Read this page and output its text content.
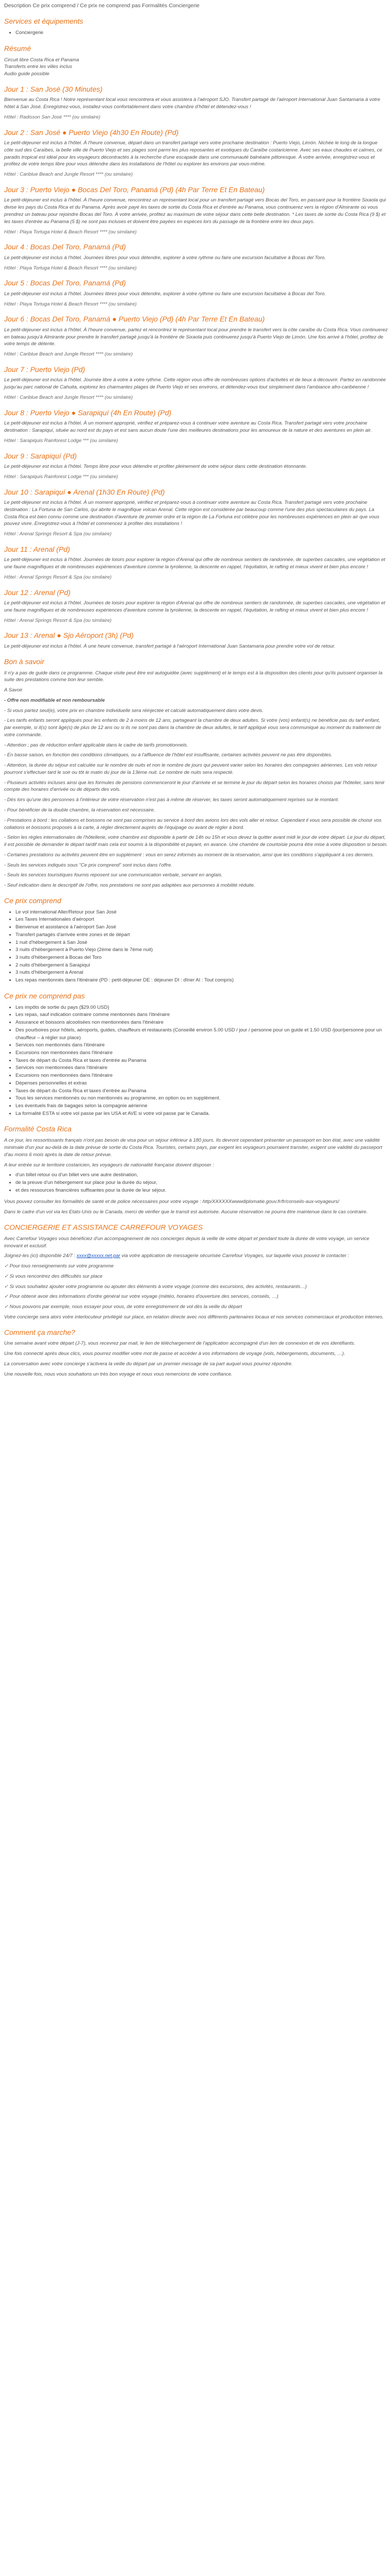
Description Ce prix comprend / Ce prix ne comprend pas Formalités Conciergerie
Services et équipements
• Conciergerie
Résumé

Circuit libre Costa Rica et Panama

Transferts entre les villes inclus

Audio guide possible

Jour 1 : San José (30 Minutes)

Bienvenue au Costa Rica ! Notre représentant local vous rencontrera et vous assistera à l'aéroport SJO. Transfert partagé de l'aéroport International Juan Santamaria à votre hôtel à San José. Enregistrez-vous, installez-vous confortablement dans votre chambre d'hôtel et détendez-vous !

Hôtel : Radisson San José **** (ou similaire)

Jour 2 : San José ● Puerto Viejo (4h30 En Route) (Pd)

Le petit-déjeuner est inclus à l'hôtel. À l'heure convenue, départ dans un transfert partagé vers votre prochaine destination : Puerto Viejo, Limón. Nichée le long de la longue côte sud des Caraïbes, la belle ville de Puerto Viejo et ses plages sont parmi les plus reposantes et exotiques du Caraïbe costaricienne. Avec ses eaux chaudes et calmes, ce paradis tropical est idéal pour les voyageurs décontractés à la recherche d'une escapade dans une communauté balnéaire pittoresque. À votre arrivée, enregistrez-vous et profitez de votre temps libre pour vous détendre dans les installations de l'hôtel ou explorer les environs par vous-même.

Hôtel : Cariblue Beach and Jungle Resort **** (ou similaire)

Jour 3 : Puerto Viejo ● Bocas Del Toro, Panamá (Pd) (4h Par Terre Et En Bateau)

Le petit-déjeuner est inclus à l'hôtel. À l'heure convenue, rencontrez un représentant local pour un transfert partagé vers Bocas del Toro, en passant pour la frontière Sixaola qui divise les pays du Costa Rica et du Panama. Après avoir payé les taxes de sortie du Costa Rica et d'entrée au Panama, vous continuerez vers la région d'Almirante où vous prendrez un bateau pour rejoindre Bocas del Toro. À votre arrivée, profitez au maximum de votre séjour dans cette belle destination. * Les taxes de sortie du Costa Rica (9 $) et les taxes d'entrée au Panama (5 $) ne sont pas incluses et doivent être payées en espèces lors du passage de la frontière entre les deux pays.

Hôtel : Playa Tortuga Hotel & Beach Resort **** (ou similaire)

Jour 4 : Bocas Del Toro, Panamá (Pd)

Le petit-déjeuner est inclus à l'hôtel. Journées libres pour vous détendre, explorer à votre rythme ou faire une excursion facultative à Bocas del Toro.

Hôtel : Playa Tortuga Hotel & Beach Resort **** (ou similaire)

Jour 5 : Bocas Del Toro, Panamá (Pd)

Le petit-déjeuner est inclus à l'hôtel. Journées libres pour vous détendre, explorer à votre rythme ou faire une excursion facultative à Bocas del Toro.

Hôtel : Playa Tortuga Hotel & Beach Resort **** (ou similaire)

Jour 6 : Bocas Del Toro, Panamá ● Puerto Viejo (Pd) (4h Par Terre Et En Bateau)

Le petit-déjeuner est inclus à l'hôtel. À l'heure convenue, partez et rencontrez le représentant local pour prendre le transfert vers la côte caraïbe du Costa Rica. Vous continuerez en bateau jusqu'à Almirante pour prendre le transfert partagé jusqu'à la frontière de Sixaola puis continuerez jusqu'à Puerto Viejo de Limón. Une fois arrivé à l'hôtel, profitez de votre temps de détente.

Hôtel : Cariblue Beach and Jungle Resort **** (ou similaire)

Jour 7 : Puerto Viejo (Pd)

Le petit-déjeuner est inclus à l'hôtel. Journée libre à votre à votre rythme. Cette région vous offre de nombreuses options d'activités et de lieux à découvrir. Partez en randonnée jusqu'au parc national de Cahuita, explorez les charmantes plages de Puerto Viejo et ses environs, et détendez-vous tout simplement dans l'ambiance afro-caribéenne !

Hôtel : Cariblue Beach and Jungle Resort **** (ou similaire)

Jour 8 : Puerto Viejo ● Sarapiquí (4h En Route) (Pd)

Le petit-déjeuner est inclus à l'hôtel. À un moment approprié, vérifiez et préparez-vous à continuer votre aventure au Costa Rica. Transfert partagé vers votre prochaine destination : Sarapiquí, située au nord est du pays et est sans aucun doute l'une des meilleures destinations pour les amoureux de la nature et des aventures en plein air.

Hôtel : Sarapiquis Rainforest Lodge *** (ou similaire)

Jour 9 : Sarapiquí (Pd)

Le petit-déjeuner est inclus à l'hôtel. Temps libre pour vous détendre et profiter pleinement de votre séjour dans cette destination étonnante.

Hôtel : Sarapiquis Rainforest Lodge *** (ou similaire)

Jour 10 : Sarapiquí ● Arenal (1h30 En Route) (Pd)

Le petit-déjeuner est inclus à l'hôtel. À un moment approprié, vérifiez et préparez-vous à continuer votre aventure au Costa Rica. Transfert partagé vers votre prochaine destination : La Fortuna de San Carlos, qui abrite le magnifique volcan Arenal. Cette région est considérée par beaucoup comme l'une des plus spectaculaires du pays. La Costa Rica est bien connu comme une destination d'aventure de premier ordre et la région de La Fortuna est célèbre pour les nombreuses expériences en plein air que vous pouvez vivre. Enregistrez-vous à l'hôtel et commencez à profiter des installations !

Hôtel : Arenal Springs Resort & Spa (ou similaire)

Jour 11 : Arenal (Pd)

Le petit-déjeuner est inclus à l'hôtel. Journées de loisirs pour explorer la région d'Arenal qui offre de nombreux sentiers de randonnée, de superbes cascades, une végétation et une faune magnifiques et de nombreuses expériences d'aventure comme la tyrolienne, la descente en rappel, l'équitation, le rafting et mieux vivent et bien plus encore !

Hôtel : Arenal Springs Resort & Spa (ou similaire)

Jour 12 : Arenal (Pd)

Le petit-déjeuner est inclus à l'hôtel. Journées de loisirs pour explorer la région d'Arenal qui offre de nombreux sentiers de randonnée, de superbes cascades, une végétation et une faune magnifiques et de nombreuses expériences d'aventure comme la tyrolienne, la descente en rappel, l'équitation, le rafting et mieux vivent et bien plus encore !

Hôtel : Arenal Springs Resort & Spa (ou similaire)

Jour 13 : Arenal ● Sjo Aéroport (3h) (Pd)

Le petit-déjeuner est inclus à l'hôtel. À une heure convenue, transfert partagé à l'aéroport International Juan Santamaria pour prendre votre vol de retour.

Bon à savoir

Il n'y a pas de guide dans ce programme. Chaque visite peut être est autoguidée (avec supplément) et le temps est à la disposition des clients pour qu'ils puissent organiser la suite des prestations comme bon leur semble.

A Savoir

- Offre non modifiable et non remboursable

- Si vous partez seul(e), votre prix en chambre individuelle sera réinjectée et calculé automatiquement dans votre devis.

- Les tarifs enfants seront appliqués pour les enfants de 2 à moins de 12 ans, partageant la chambre de deux adultes. Si votre (vos) enfant(s) ne bénéficie pas du tarif enfant, par exemple, si il(s) sont âgé(s) de plus de 12 ans ou si ils ne sont pas dans la chambre de deux adultes, le tarif appliqué vous sera communiqué au moment du traitement de votre commande.

- Attention ; pas de réduction enfant applicable dans le cadre de tarifs promotionnels.

- En basse saison, en fonction des conditions climatiques, ou à l'affluence de l'hôtel est insuffisante, certaines activités peuvent ne pas être disponibles.

- Attention, la durée du séjour est calculée sur le nombre de nuits et non le nombre de jours qui peuvent varier selon les horaires des compagnies aériennes. Les vols retour pourront s'effectuer tard le soir ou tôt le matin du jour de la 13ème nuit. Le nombre de nuits sera respecté.

- Plusieurs activités incluses ainsi que les formules de pensions commenceront le jour d'arrivée et se termine le jour du départ selon les horaires choisis par l'hôtelier, sans tenir compte des horaires d'arrivée ou de départs des vols.

- Dès lors qu'une des personnes à l'intérieur de votre réservation n'est pas à même de réserver, les taxes seront automatiquement reprises sur le montant.

- Pour bénéficier de la double chambre, la réservation est nécessaire.

- Prestations à bord : les collations et boissons ne sont pas comprises au service à bord des avions lors des vols aller et retour. Cependant il vous sera possible de choisir vos collations et boissons proposés à la carte, à régler directement auprès de l'équipage ou avant de régler à bord.

- Selon les règles internationales de l'hôtellerie, votre chambre est disponible à partir de 14h ou 15h et vous devez la quitter avant midi le jour de votre départ. Le jour du départ, il est possible de demander le départ tardif mais cela est soumis à la disponibilité et payant, en avance. Une chambre de courtoisie pourra être mise à votre disposition si besoin.

- Certaines prestations ou activités peuvent être en supplément : vous en serez informés au moment de la réservation, ainsi que les conditions s'appliquant à ces derniers.

- Seuls les services indiqués sous "Ce prix comprend" sont inclus dans l'offre.

- Seuls les services touristiques fournis reposent sur une communication verbale, servant en anglais.

- Seuf indication dans le descriptif de l'offre, nos prestations ne sont pas adaptées aux personnes à mobilité réduite.

Ce prix comprend
• Le vol international Aller/Retour pour San José
• Les Taxes Internationales d'aéroport
• Bienvenue et assistance à l'aéroport San José
• Transfert partagés d'arrivée entre zones et de départ
• 1 nuit d'hébergement à San José
• 3 nuits d'hébergement à Puerto Viejo (2ème dans le 7ème nuit)
• 3 nuits d'hébergement à Bocas del Toro
• 2 nuits d'hébergement à Sarapiquí
• 3 nuits d'hébergement à Arenal
• Les repas mentionnés dans l'itinéraire (PD : petit-déjeuner DE : déjeuner DI : dîner AI : Tout compris)
Ce prix ne comprend pas
• Les impôts de sortie du pays ($29.00 USD)
• Les repas, sauf indication contraire comme mentionnés dans l'itinéraire
• Assurance et boissons alcoolisées non mentionnées dans l'itinéraire
• Des pourboires pour hôtels, aéroports, guides, chauffeurs et restaurants (Conseillé environ 5.00 USD / jour / personne pour un guide et 1.50 USD /jour/personne pour un chauffeur – à régler sur place)
• Services non mentionnés dans l'itinéraire
• Excursions non mentionnées dans l'itinéraire
• Taxes de départ du Costa Rica et taxes d'entrée au Panama
• Services non mentionnées dans l'itinéraire
• Excursions non mentionnées dans l'itinéraire
• Dépenses personnelles et extras
• Taxes de départ du Costa Rica et taxes d'entrée au Panama
• Tous les services mentionnés ou non mentionnés au programme, en option ou en supplément.
• Les éventuels frais de bagages selon la compagnie aérienne
• La formalité ESTA si votre vol passe par les USA et AVE si votre vol passe par le Canada.
Formalité Costa Rica

A ce jour, les ressortissants français n'ont pas besoin de visa pour un séjour inférieur à 180 jours. Ils devront cependant présenter un passeport en bon état, avec une validité minimale d'un jour au-delà de la date prévue de sortie du Costa Rica. Touristes, certains pays, par exigent les voyageurs pourraient transiter, exigent une validité du passeport d'au moins 6 mois après la date de retour prévue.

A leur entrée sur le territoire costaricien, les voyageurs de nationalité française doivent disposer :

• d'un billet retour ou d'un billet vers une autre destination,
• de la preuve d'un hébergement sur place pour la durée du séjour,
• et des ressources financières suffisantes pour la durée de leur séjour.

Vous pouvez consulter les formalités de santé et de police nécessaires pour votre voyage : http/XXXXXXwwwdiplomatie.gouv.fr/fr/conseils-aux-voyageurs/

Dans le cadre d'un vol via les Etats-Unis ou le Canada, merci de vérifier que le transit est autorisée. Aucune réservation ne pourra être maintenue dans le cas contraire.

CONCIERGERIE ET ASSISTANCE CARREFOUR VOYAGES

Avec Carrefour Voyages vous bénéficiez d'un accompagnement de nos concierges depuis la veille de votre départ et pendant toute la durée de votre voyage, un service innovant et exclusif.

Joignez-les (ici) disponible 24/7 : xxxx@xxxxx.net.par via votre application de messagerie sécurisée Carrefour Voyages, sur laquelle vous pouvez le contacter :

✓ Pour tous renseignements sur votre programme

✓ Si vous rencontrez des difficultés sur place

✓ Si vous souhaitez ajouter votre programme ou ajouter des éléments à votre voyage (comme des excursions, des activités, restaurants…)

✓ Pour obtenir avoir des informations d'ordre général sur votre voyage (météo, horaires d'ouverture des services, conseils, …)

✓ Nous pouvons par exemple, nous essayer pour vous, de votre enregistrement de vol dès la veille du départ

Votre concierge sera alors votre interlocuteur privilégié sur place, en relation directe avec nos différents partenaires locaux et nos services commerciaux et production internes.

Comment ça marche?

Une semaine avant votre départ (J-7), vous recevrez par mail, le lien de téléchargement de l'application accompagné d'un lien de connexion et de vos identifiants.

Une fois connecté après deux clics, vous pourrez modifier votre mot de passe et accéder à vos informations de voyage (vols, hébergements, documents, …).

La conversation avec votre concierge s'activera la veille du départ par un premier message de sa part auquel vous pourrez répondre.

Une nouvelle fois, nous vous souhaitons un très bon voyage et nous vous remercions de votre confiance.
